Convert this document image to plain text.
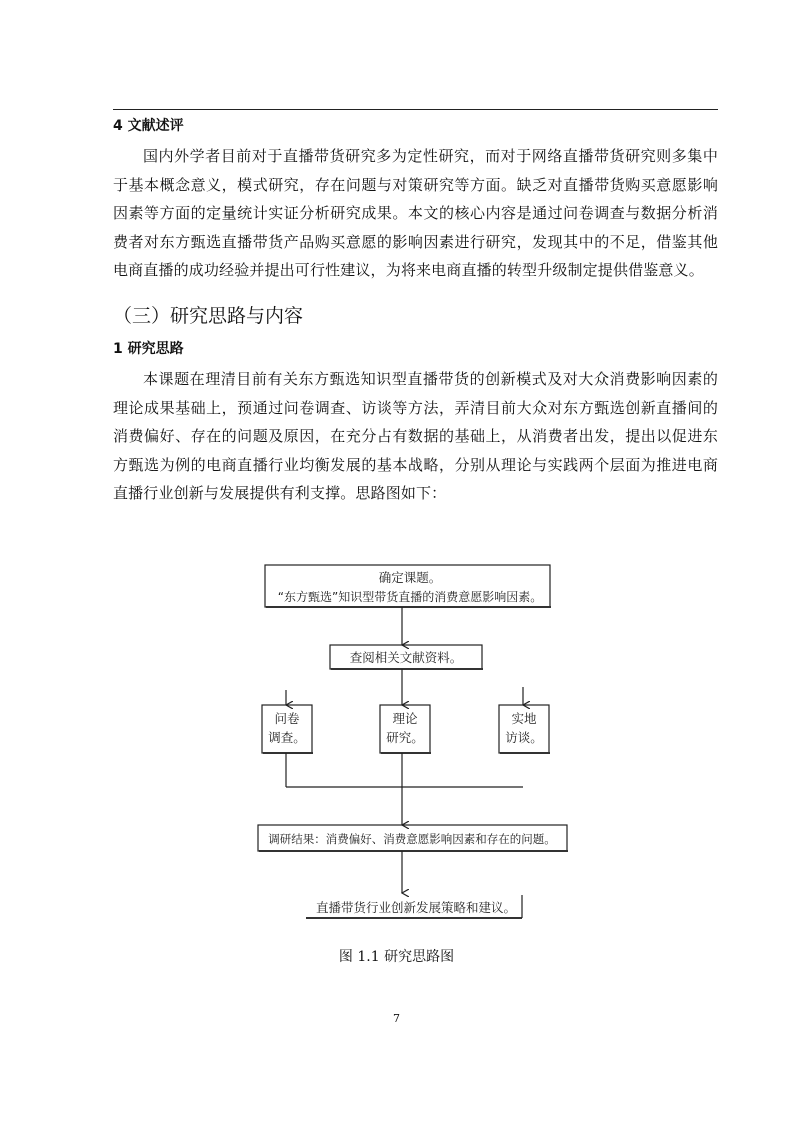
4 文献述评

国内外学者目前对于直播带货研究多为定性研究，而对于网络直播带货研究则多集中于基本概念意义，模式研究，存在问题与对策研究等方面。缺乏对直播带货购买意愿影响因素等方面的定量统计实证分析研究成果。本文的核心内容是通过问卷调查与数据分析消费者对东方甄选直播带货产品购买意愿的影响因素进行研究，发现其中的不足，借鉴其他电商直播的成功经验并提出可行性建议，为将来电商直播的转型升级制定提供借鉴意义。

（三）研究思路与内容
1 研究思路

本课题在理清目前有关东方甄选知识型直播带货的创新模式及对大众消费影响因素的理论成果基础上，预通过问卷调查、访谈等方法，弄清目前大众对东方甄选创新直播间的消费偏好、存在的问题及原因，在充分占有数据的基础上，从消费者出发，提出以促进东方甄选为例的电商直播行业均衡发展的基本战略，分别从理论与实践两个层面为推进电商直播行业创新与发展提供有利支撑。思路图如下：

确定课题。
“东方甄选”知识型带货直播的消费意愿影响因素。
查阅相关文献资料。
问卷
调查。
理论
研究。
实地
访谈。
调研结果：消费偏好、消费意愿影响因素和存在的问题。
直播带货行业创新发展策略和建议。
图 1.1 研究思路图
7
